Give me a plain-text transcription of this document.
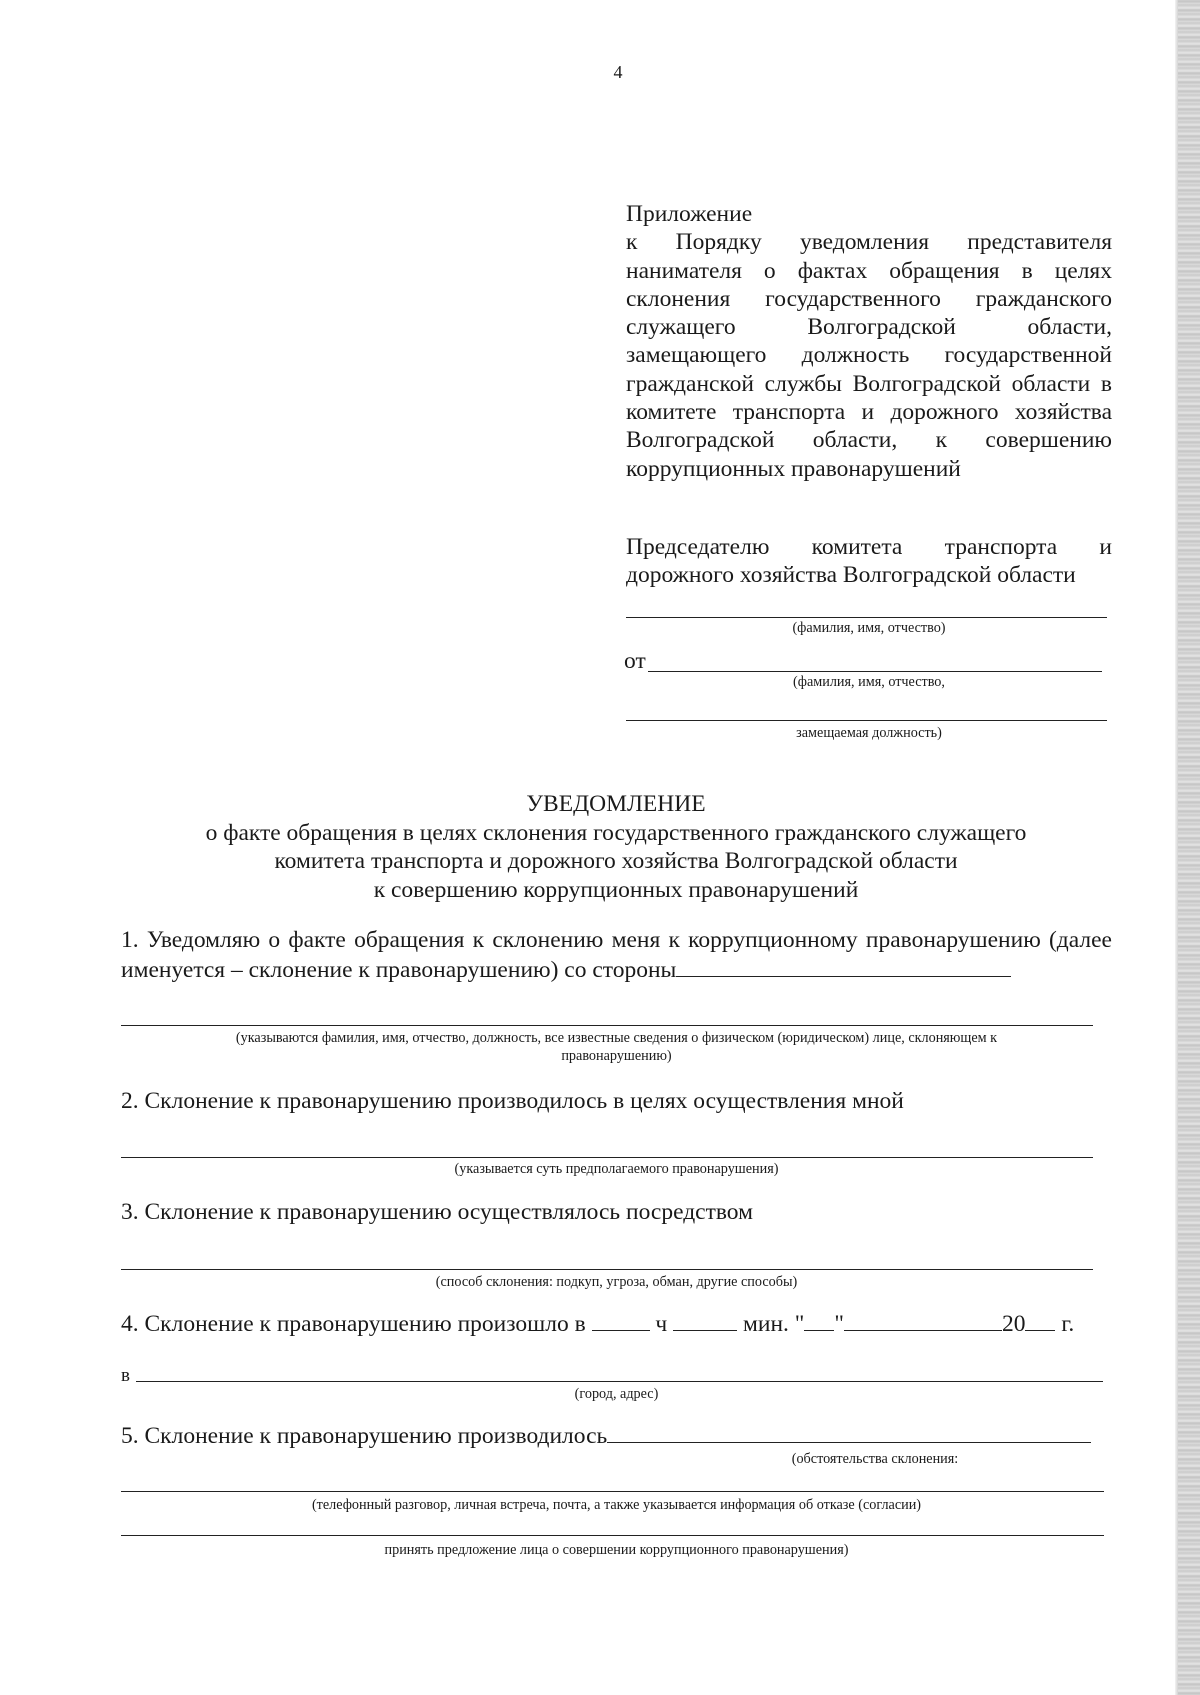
4

Приложение

к Порядку уведомления представителя нанимателя о фактах обращения в целях склонения государственного гражданского служащего Волгоградской области, замещающего должность государственной гражданской службы Волгоградской области в комитете транспорта и дорожного хозяйства Волгоградской области, к совершению коррупционных правонарушений

Председателю комитета транспорта и дорожного хозяйства Волгоградской области

(фамилия, имя, отчество)
от
(фамилия, имя, отчество,
замещаемая должность)

УВЕДОМЛЕНИЕ

о факте обращения в целях склонения государственного гражданского служащего

комитета транспорта и дорожного хозяйства Волгоградской области

к совершению коррупционных правонарушений

1. Уведомляю о факте обращения к склонению меня к коррупционному правонарушению (далее именуется – склонение к правонарушению) со стороны
(указываются фамилия, имя, отчество, должность, все известные сведения о физическом (юридическом) лице, склоняющем к
правонарушению)
2. Склонение к правонарушению производилось в целях осуществления мной
(указывается суть предполагаемого правонарушения)
3. Склонение к правонарушению осуществлялось посредством
(способ склонения: подкуп, угроза, обман, другие способы)
4. Склонение к правонарушению произошло в	ч	мин. " "	20 г.
в
(город, адрес)
5. Склонение к правонарушению производилось
(обстоятельства склонения:
(телефонный разговор, личная встреча, почта, а также указывается информация об отказе (согласии)
принять предложение лица о совершении коррупционного правонарушения)
